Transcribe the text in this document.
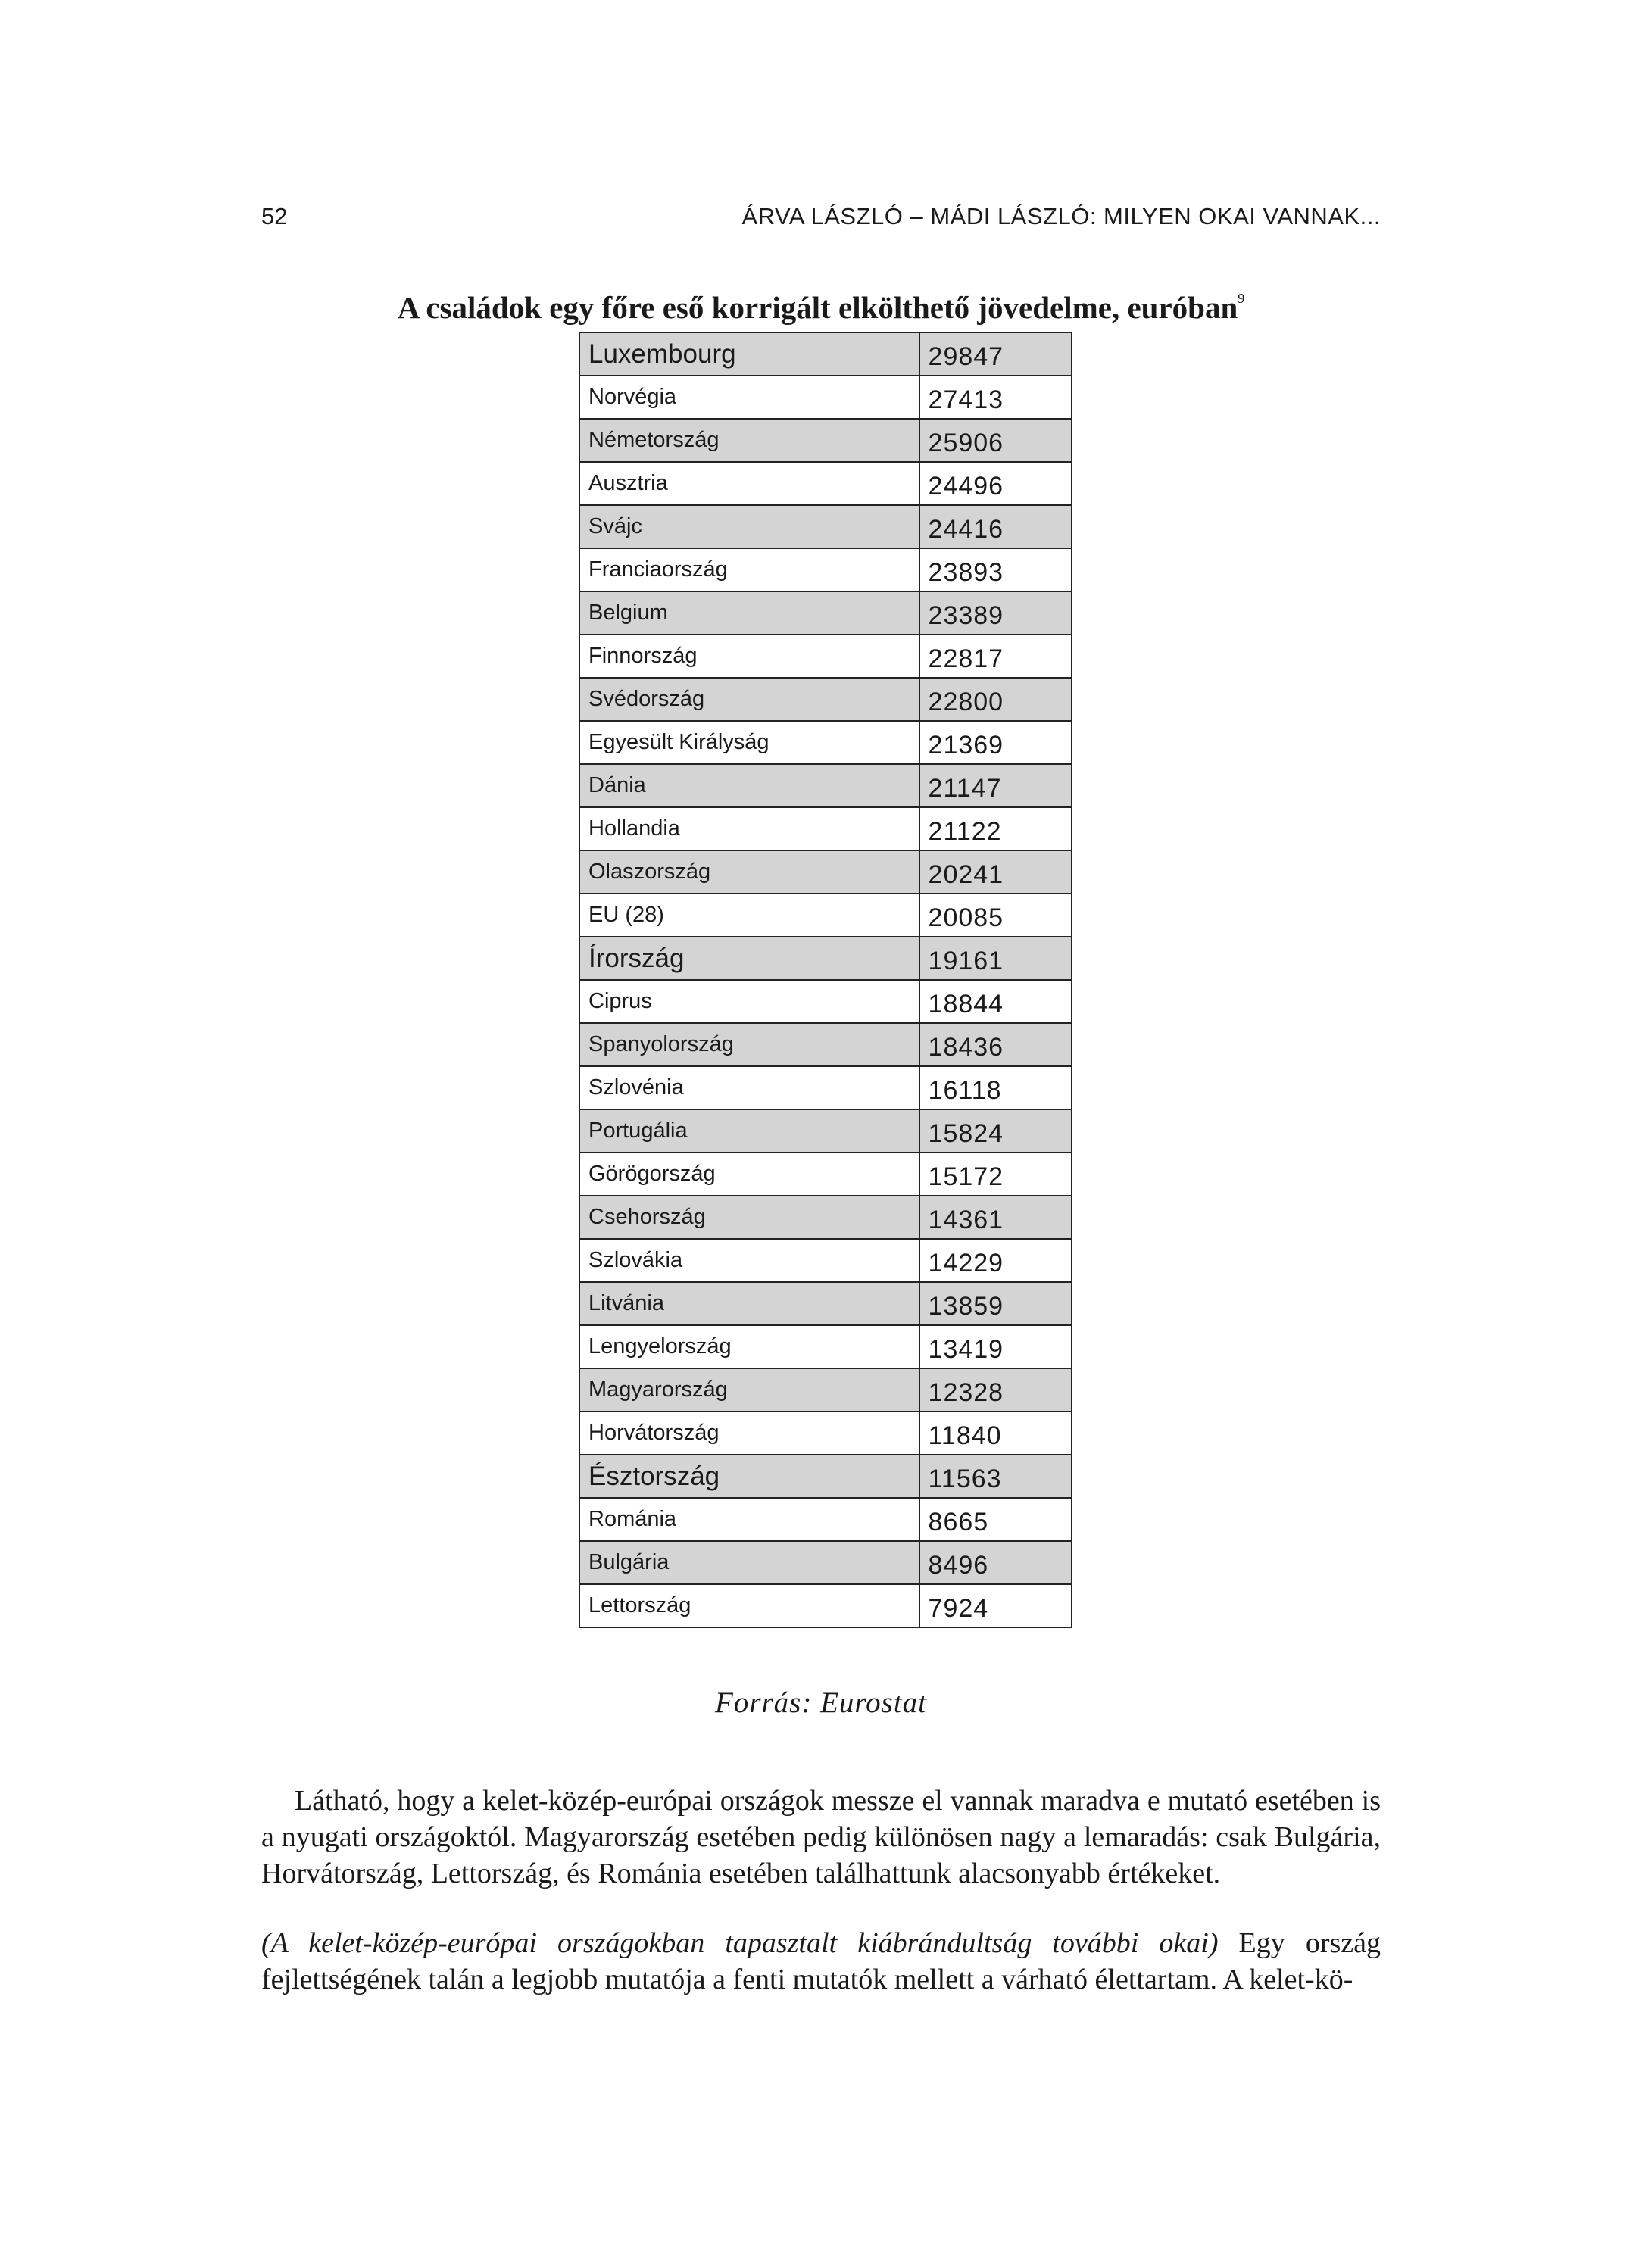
52	ÁRVA LÁSZLÓ – MÁDI LÁSZLÓ: MILYEN OKAI VANNAK...
A családok egy főre eső korrigált elkölthető jövedelme, euróban$^9$
Luxembourg	29847
Norvégia	27413
Németország	25906
Ausztria	24496
Svájc	24416
Franciaország	23893
Belgium	23389
Finnország	22817
Svédország	22800
Egyesült Királyság	21369
Dánia	21147
Hollandia	21122
Olaszország	20241
EU (28)	20085
Írország	19161
Ciprus	18844
Spanyolország	18436
Szlovénia	16118
Portugália	15824
Görögország	15172
Csehország	14361
Szlovákia	14229
Litvánia	13859
Lengyelország	13419
Magyarország	12328
Horvátország	11840
Észtország	11563
Románia	8665
Bulgária	8496
Lettország	7924
Forrás: Eurostat

Látható, hogy a kelet-közép-európai országok messze el vannak maradva e mutató esetében is a nyugati országoktól. Magyarország esetében pedig különösen nagy a lemaradás: csak Bulgária, Horvátország, Lettország, és Románia esetében találhattunk alacsonyabb értékeket.

(A kelet-közép-európai országokban tapasztalt kiábrándultság további okai) Egy ország fejlettségének talán a legjobb mutatója a fenti mutatók mellett a várható élettartam. A kelet-kö-
